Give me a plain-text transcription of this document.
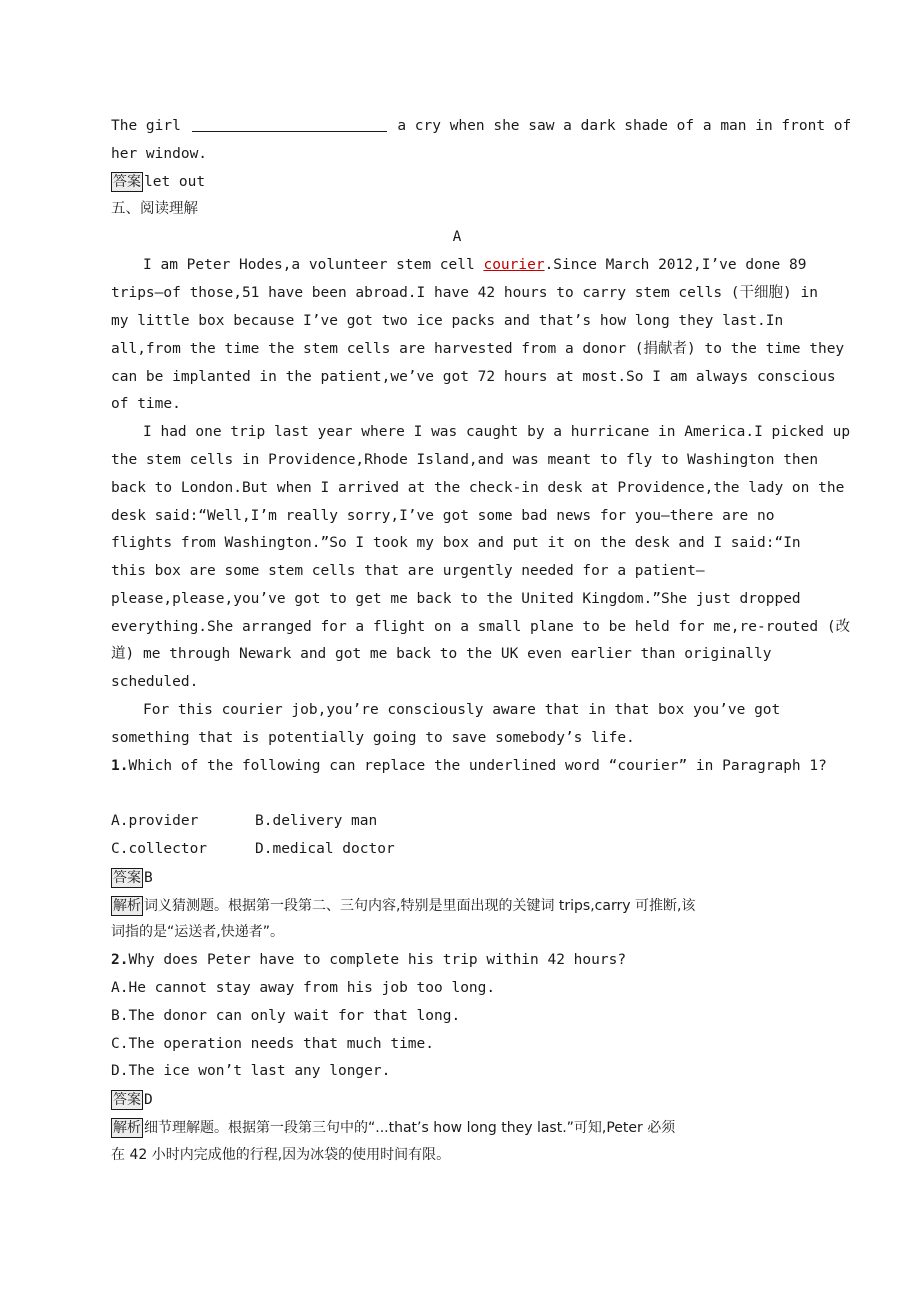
The girl	a cry when she saw a dark shade of a man in front of
her window.
答案 let out
五、阅读理解
A
I am Peter Hodes,a volunteer stem cell courier.Since March 2012,I’ve done 89
trips—of those,51 have been abroad.I have 42 hours to carry stem cells (干细胞) in
my little box because I’ve got two ice packs and that’s how long they last.In
all,from the time the stem cells are harvested from a donor (捐献者) to the time they
can be implanted in the patient,we’ve got 72 hours at most.So I am always conscious
of time.
I had one trip last year where I was caught by a hurricane in America.I picked up
the stem cells in Providence,Rhode Island,and was meant to fly to Washington then
back to London.But when I arrived at the check-in desk at Providence,the lady on the
desk said:“Well,I’m really sorry,I’ve got some bad news for you—there are no
flights from Washington.”So I took my box and put it on the desk and I said:“In
this box are some stem cells that are urgently needed for a patient—
please,please,you’ve got to get me back to the United Kingdom.”She just dropped
everything.She arranged for a flight on a small plane to be held for me,re-routed (改
道) me through Newark and got me back to the UK even earlier than originally
scheduled.
For this courier job,you’re consciously aware that in that box you’ve got
something that is potentially going to save somebody’s life.
1.Which of the following can replace the underlined word “courier” in Paragraph 1?
A.provider	B.delivery man
C.collector	D.medical doctor
答案 B
解析 词义猜测题。根据第一段第二、三句内容,特别是里面出现的关键词 trips,carry 可推断,该
词指的是“运送者,快递者”。
2.Why does Peter have to complete his trip within 42 hours?
A.He cannot stay away from his job too long.
B.The donor can only wait for that long.
C.The operation needs that much time.
D.The ice won’t last any longer.
答案 D
解析 细节理解题。根据第一段第三句中的“...that’s how long they last.”可知,Peter 必须
在 42 小时内完成他的行程,因为冰袋的使用时间有限。
